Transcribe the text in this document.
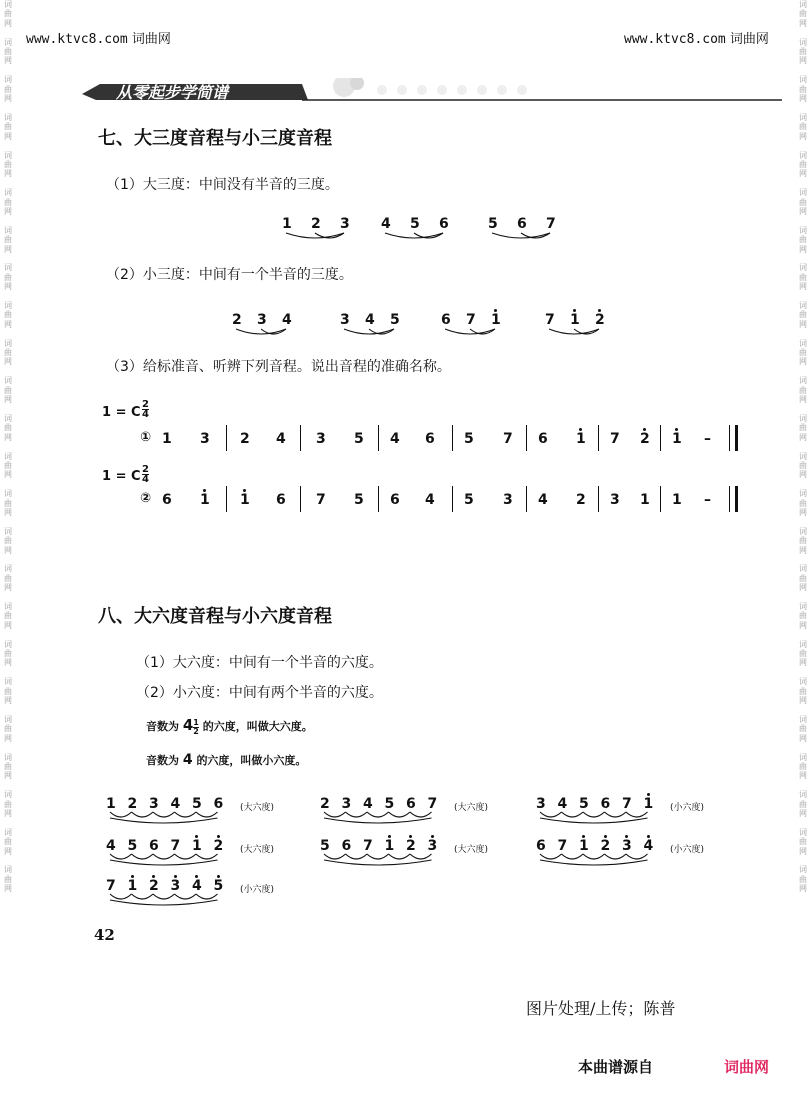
词
曲
网

词
曲
网

词
曲
网

词
曲
网

词
曲
网

词
曲
网

词
曲
网

词
曲
网

词
曲
网

词
曲
网

词
曲
网

词
曲
网

词
曲
网

词
曲
网

词
曲
网

词
曲
网

词
曲
网

词
曲
网

词
曲
网

词
曲
网

词
曲
网

词
曲
网

词
曲
网

词
曲
网

词
曲
网

词
曲
网

词
曲
网

词
曲
网

词
曲
网

词
曲
网

词
曲
网

词
曲
网

词
曲
网

词
曲
网

词
曲
网

词
曲
网

词
曲
网

词
曲
网

词
曲
网

词
曲
网

词
曲
网

词
曲
网

词
曲
网

词
曲
网

词
曲
网

词
曲
网

词
曲
网

词
曲
网

www.ktvc8.com 词曲网	www.ktvc8.com 词曲网
从零起步学简谱
七、大三度音程与小三度音程
（1）大三度：中间没有半音的三度。
1 2 3 4 5 6	5 6 7
（2）小三度：中间有一个半音的三度。
2 3 4	3 4 5	6 7 1	7 1 2
（3）给标准音、听辨下列音程。说出音程的准确名称。
1 = C
2
4
① 1 3 2 4 3 5 4 6 5 7 6 1 7 2 1 –
1 = C 2
4
② 6 1 1 6 7 5 6 4 5 3 4 2 3 1 1 –
八、大六度音程与小六度音程
（1）大六度：中间有一个半音的六度。
（2）小六度：中间有两个半音的六度。
音数为 $4 \frac{1}{2}$ 的六度，叫做大六度。
音数为 4 的六度，叫做小六度。
1 2 3 4 5 6 (大六度)	2 3 4 5 6 7 (大六度)	3 4 5 6 7 1 (小六度)
4 5 6 7 1 2 (大六度)	5 6 7 1 2 3 (大六度)	6 7 1 2 3 4 (小六度)
7 1 2 3 4 5 (小六度)
42
图片处理/上传；陈普
本曲谱源自	词曲网
